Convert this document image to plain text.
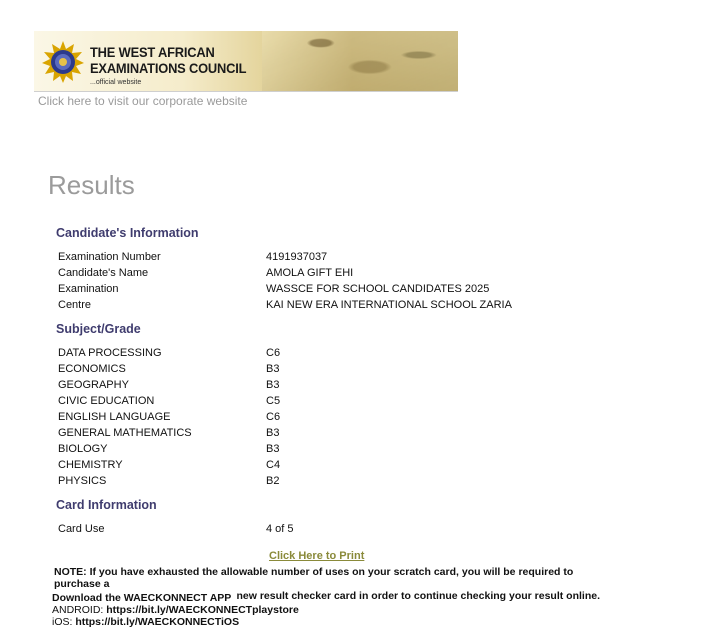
THE WEST AFRICAN
EXAMINATIONS COUNCIL
...official website
Click here to visit our corporate website
Results
Candidate's Information
Examination Number	4191937037
Candidate's Name	AMOLA GIFT EHI
Examination	WASSCE FOR SCHOOL CANDIDATES 2025
Centre	KAI NEW ERA INTERNATIONAL SCHOOL ZARIA
Subject/Grade
DATA PROCESSING	C6
ECONOMICS	B3
GEOGRAPHY	B3
CIVIC EDUCATION	C5
ENGLISH LANGUAGE	C6
GENERAL MATHEMATICS	B3
BIOLOGY	B3
CHEMISTRY	C4
PHYSICS	B2
Card Information
Card Use	4 of 5
Click Here to Print
NOTE: If you have exhausted the allowable number of uses on your scratch card, you will be required to purchase a
new result checker card in order to continue checking your result online.
Download the WAECKONNECT APP
ANDROID: https://bit.ly/WAECKONNECTplaystore
iOS: https://bit.ly/WAECKONNECTiOS
